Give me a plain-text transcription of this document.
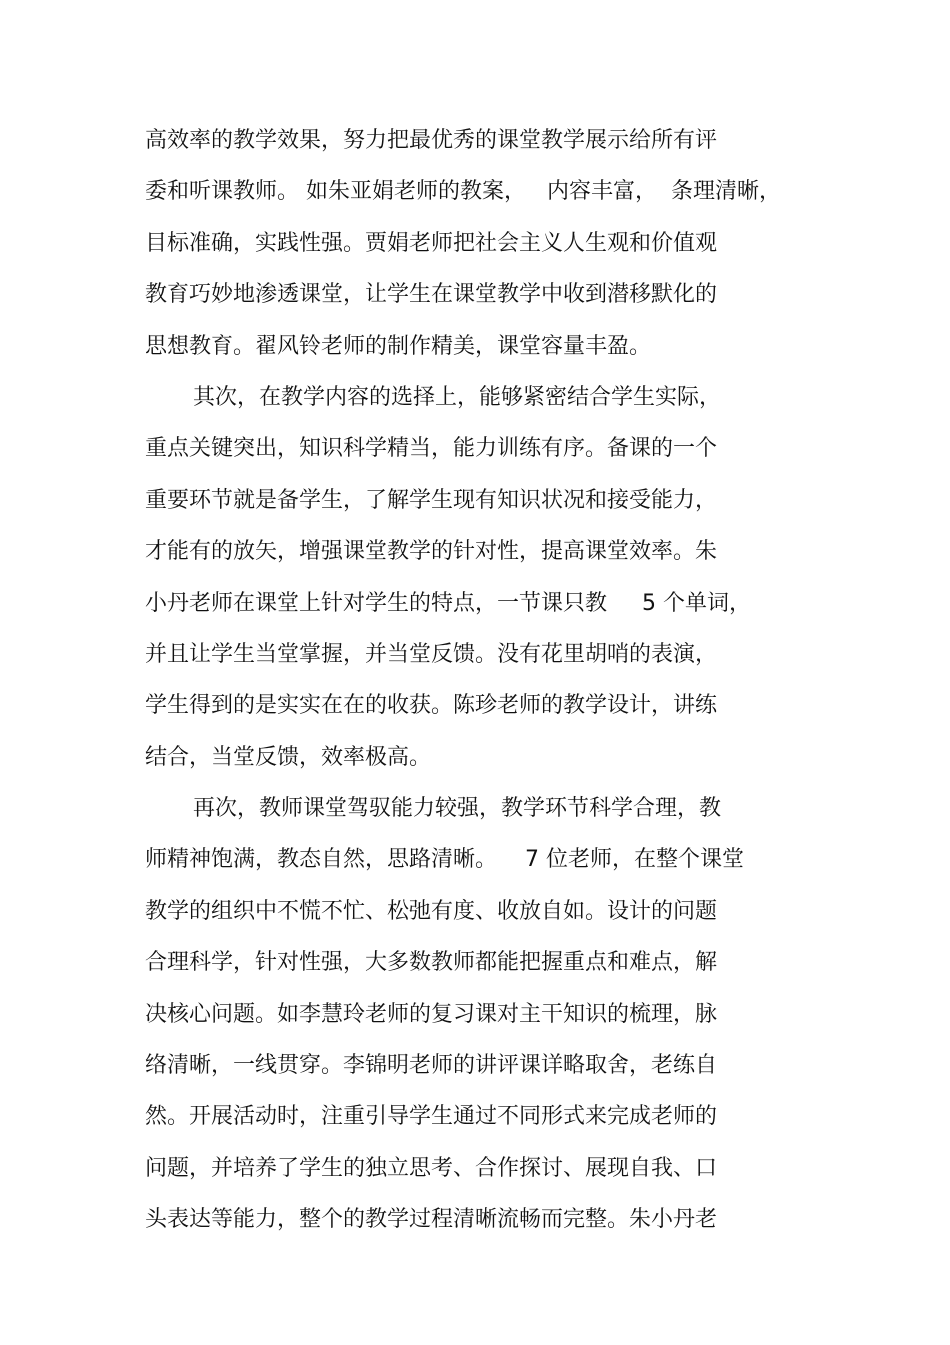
高效率的教学效果，努力把最优秀的课堂教学展示给所有评
委和听课教师。 如朱亚娟老师的教案，   内容丰富，  条理清晰，
目标准确，实践性强。贾娟老师把社会主义人生观和价值观
教育巧妙地渗透课堂，让学生在课堂教学中收到潜移默化的
思想教育。翟风铃老师的制作精美，课堂容量丰盈。
其次，在教学内容的选择上，能够紧密结合学生实际，
重点关键突出，知识科学精当，能力训练有序。备课的一个
重要环节就是备学生，了解学生现有知识状况和接受能力，
才能有的放矢，增强课堂教学的针对性，提高课堂效率。朱
小丹老师在课堂上针对学生的特点，一节课只教     5 个单词，
并且让学生当堂掌握，并当堂反馈。没有花里胡哨的表演，
学生得到的是实实在在的收获。陈珍老师的教学设计，讲练
结合，当堂反馈，效率极高。
再次，教师课堂驾驭能力较强，教学环节科学合理，教
师精神饱满，教态自然，思路清晰。    7 位老师，在整个课堂
教学的组织中不慌不忙、松弛有度、收放自如。设计的问题
合理科学，针对性强，大多数教师都能把握重点和难点，解
决核心问题。如李慧玲老师的复习课对主干知识的梳理，脉
络清晰，一线贯穿。李锦明老师的讲评课详略取舍，老练自
然。开展活动时，注重引导学生通过不同形式来完成老师的
问题，并培养了学生的独立思考、合作探讨、展现自我、口
头表达等能力，整个的教学过程清晰流畅而完整。朱小丹老
